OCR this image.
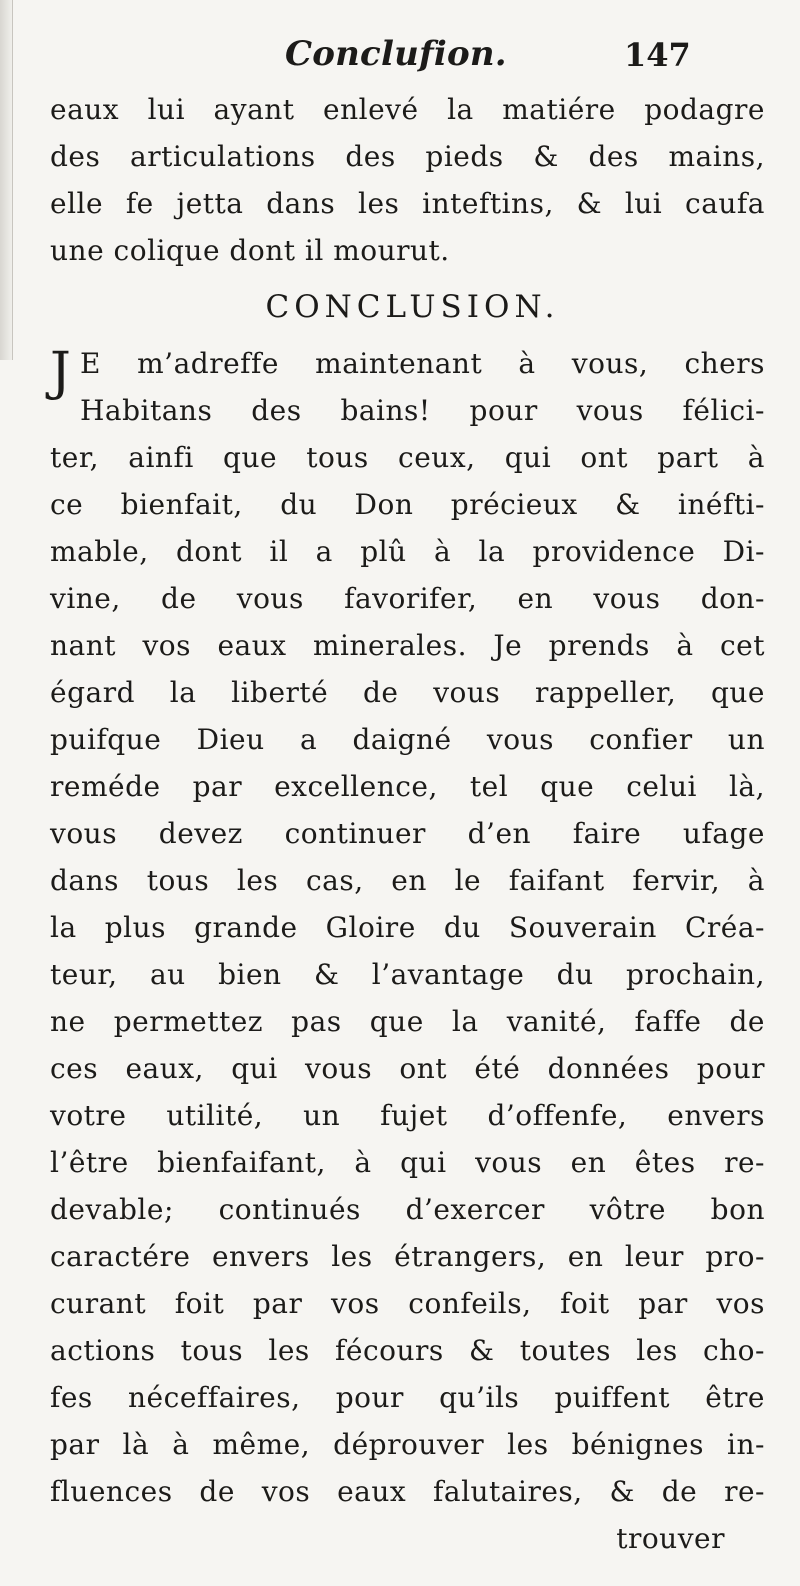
Conclufion.	147
eaux lui ayant enlevé la matiére podagre
des articulations des pieds & des mains,
elle fe jetta dans les inteftins, & lui caufa
une colique dont il mourut.
CONCLUSION.
J E m’adreffe maintenant à vous, chers
Habitans des bains! pour vous félici-
ter, ainfi que tous ceux, qui ont part à
ce bienfait, du Don précieux & inéfti-
mable, dont il a plû à la providence Di-
vine, de vous favorifer, en vous don-
nant vos eaux minerales. Je prends à cet
égard la liberté de vous rappeller, que
puifque Dieu a daigné vous confier un
reméde par excellence, tel que celui là,
vous devez continuer d’en faire ufage
dans tous les cas, en le faifant fervir, à
la plus grande Gloire du Souverain Créa-
teur, au bien & l’avantage du prochain,
ne permettez pas que la vanité, faffe de
ces eaux, qui vous ont été données pour
votre utilité, un fujet d’offenfe, envers
l’être bienfaifant, à qui vous en êtes re-
devable; continués d’exercer vôtre bon
caractére envers les étrangers, en leur pro-
curant foit par vos confeils, foit par vos
actions tous les fécours & toutes les cho-
fes néceffaires, pour qu’ils puiffent être
par là à même, déprouver les bénignes in-
fluences de vos eaux falutaires, & de re-
trouver
